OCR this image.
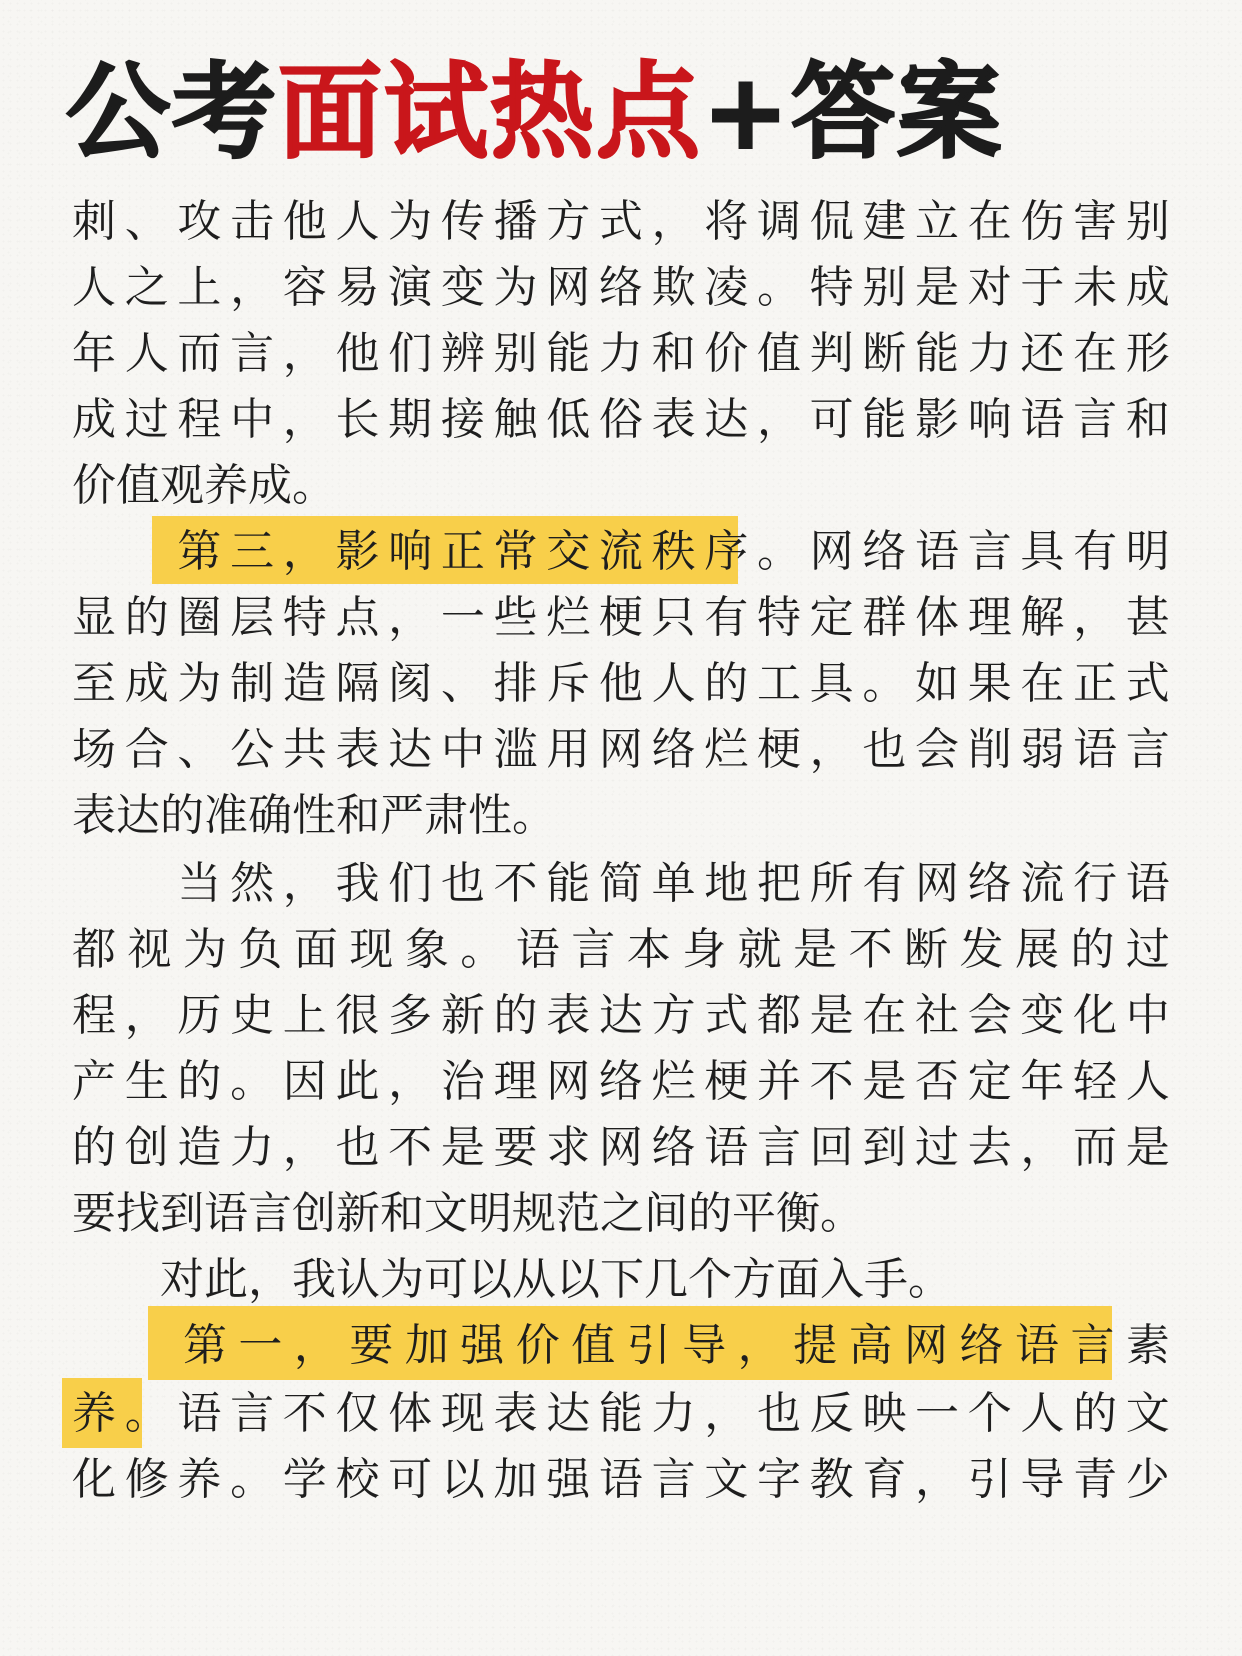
公考面试热点+答案
刺 、 攻 击 他 人 为 传 播 方 式 ， 将 调 侃 建 立 在 伤 害 别
人 之 上 ， 容 易 演 变 为 网 络 欺 凌 。 特 别 是 对 于 未 成
年 人 而 言 ， 他 们 辨 别 能 力 和 价 值 判 断 能 力 还 在 形
成 过 程 中 ， 长 期 接 触 低 俗 表 达 ， 可 能 影 响 语 言 和
价值观养成。

第 三 ， 影 响 正 常 交 流 秩 序 。 网 络 语 言 具 有 明
显 的 圈 层 特 点 ， 一 些 烂 梗 只 有 特 定 群 体 理 解 ， 甚
至 成 为 制 造 隔 阂 、 排 斥 他 人 的 工 具 。 如 果 在 正 式
场 合 、 公 共 表 达 中 滥 用 网 络 烂 梗 ， 也 会 削 弱 语 言
表达的准确性和严肃性。

当 然 ， 我 们 也 不 能 简 单 地 把 所 有 网 络 流 行 语
都 视 为 负 面 现 象 。 语 言 本 身 就 是 不 断 发 展 的 过
程 ， 历 史 上 很 多 新 的 表 达 方 式 都 是 在 社 会 变 化 中
产 生 的 。 因 此 ， 治 理 网 络 烂 梗 并 不 是 否 定 年 轻 人
的 创 造 力 ， 也 不 是 要 求 网 络 语 言 回 到 过 去 ， 而 是
要找到语言创新和文明规范之间的平衡。
　　对此，我认为可以从以下几个方面入手。

第 一 ， 要 加 强 价 值 引 导 ， 提 高 网 络 语 言 素
养 。 语 言 不 仅 体 现 表 达 能 力 ， 也 反 映 一 个 人 的 文
化 修 养 。 学 校 可 以 加 强 语 言 文 字 教 育 ， 引 导 青 少
